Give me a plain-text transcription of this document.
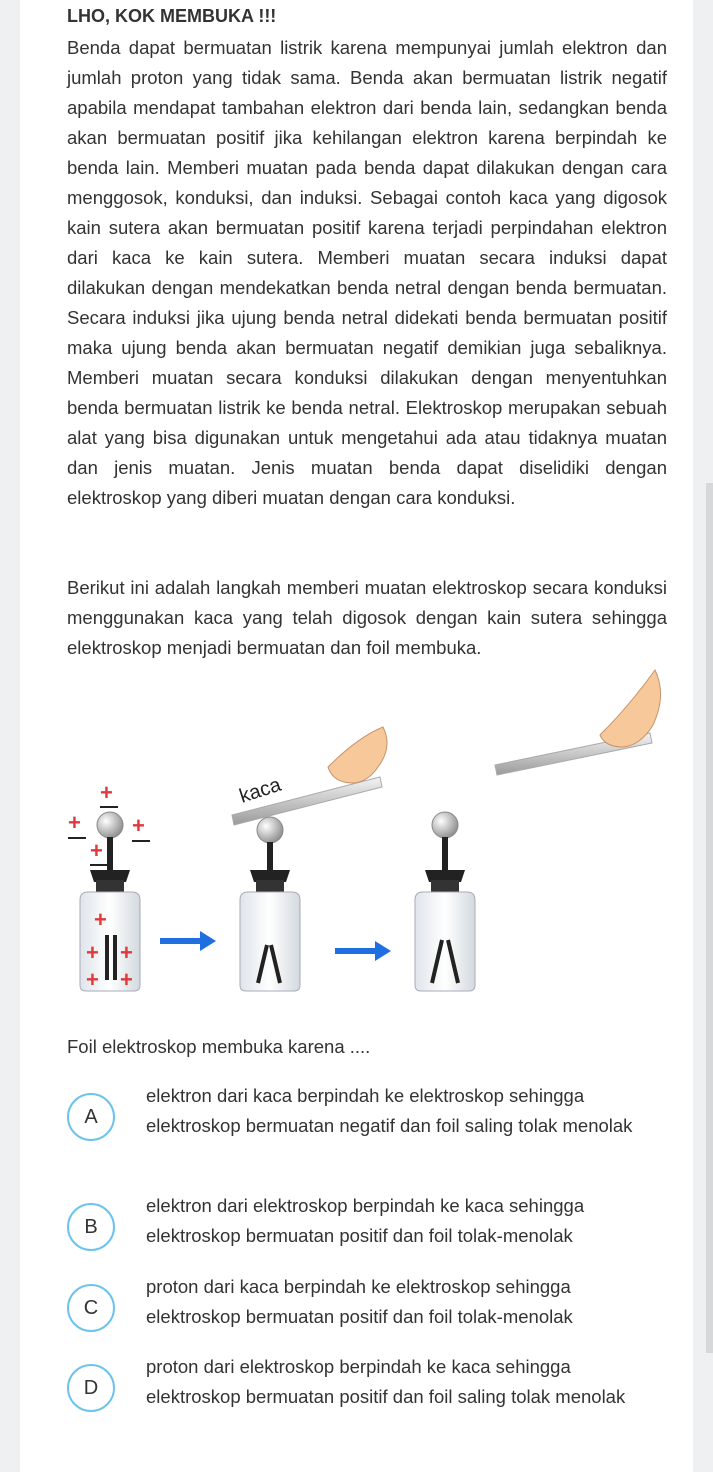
LHO, KOK MEMBUKA !!!
Benda dapat bermuatan listrik karena mempunyai jumlah elektron dan jumlah proton yang tidak sama. Benda akan bermuatan listrik negatif apabila mendapat tambahan elektron dari benda lain, sedangkan benda akan bermuatan positif jika kehilangan elektron karena berpindah ke benda lain. Memberi muatan pada benda dapat dilakukan dengan cara menggosok, konduksi, dan induksi. Sebagai contoh kaca yang digosok kain sutera akan bermuatan positif karena terjadi perpindahan elektron dari kaca ke kain sutera. Memberi muatan secara induksi dapat dilakukan dengan mendekatkan benda netral dengan benda bermuatan. Secara induksi jika ujung benda netral didekati benda bermuatan positif maka ujung benda akan bermuatan negatif demikian juga sebaliknya. Memberi muatan secara konduksi dilakukan dengan menyentuhkan benda bermuatan listrik ke benda netral. Elektroskop merupakan sebuah alat yang bisa digunakan untuk mengetahui ada atau tidaknya muatan dan jenis muatan. Jenis muatan benda dapat diselidiki dengan elektroskop yang diberi muatan dengan cara konduksi.
Berikut ini adalah langkah memberi muatan elektroskop secara konduksi menggunakan kaca yang telah digosok dengan kain sutera sehingga elektroskop menjadi bermuatan dan foil membuka.
+
+ +
+
+
+ +
+ +
kaca
Foil elektroskop membuka karena ....
A
elektron dari kaca berpindah ke elektroskop sehingga elektroskop bermuatan negatif dan foil saling tolak menolak
B
elektron dari elektroskop berpindah ke kaca sehingga elektroskop bermuatan positif dan foil tolak-menolak
C
proton dari kaca berpindah ke elektroskop sehingga elektroskop bermuatan positif dan foil tolak-menolak
D
proton dari elektroskop berpindah ke kaca sehingga elektroskop bermuatan positif dan foil saling tolak menolak
